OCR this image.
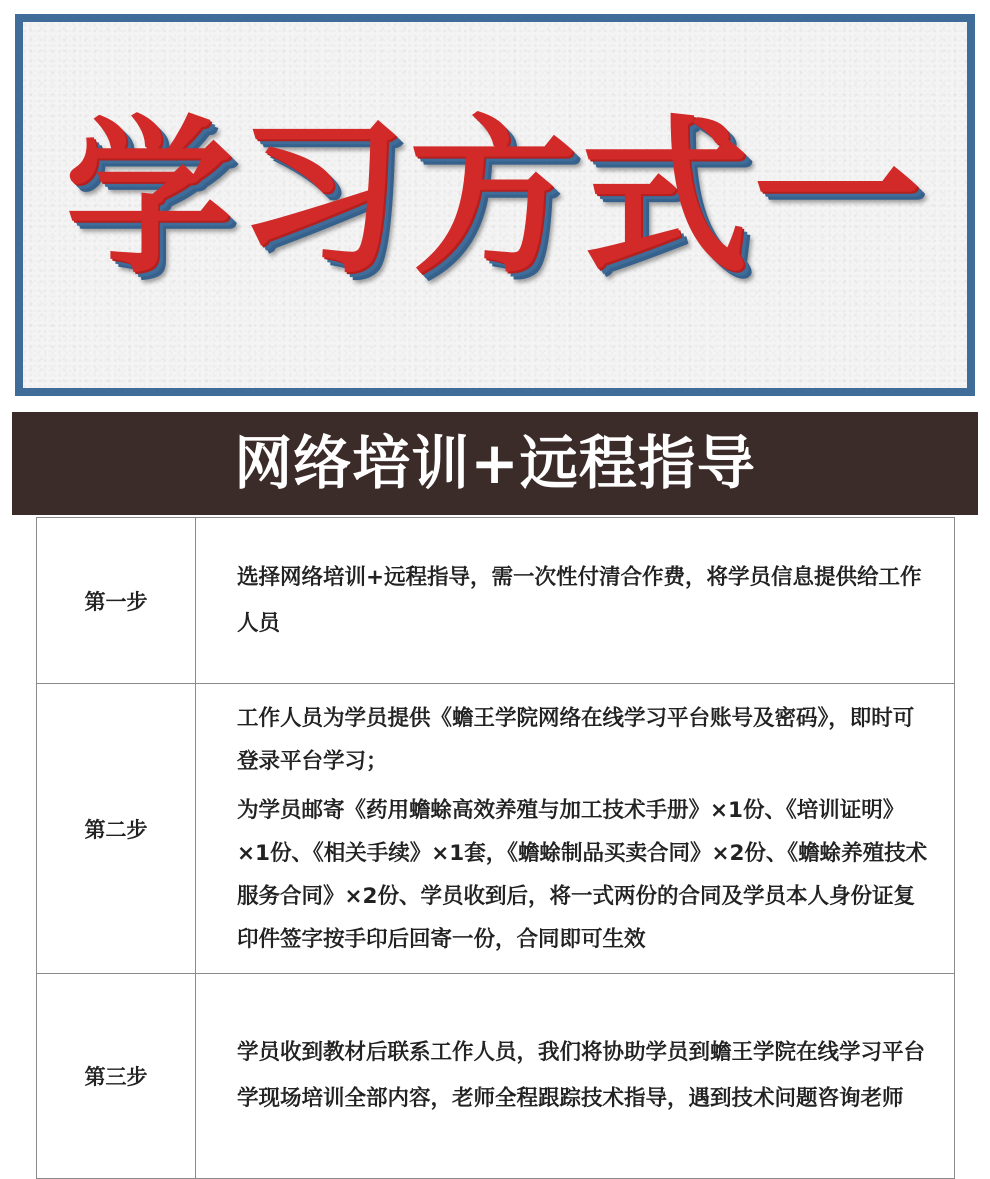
学习方式一
网络培训+远程指导
第一步	选择网络培训+远程指导，需一次性付清合作费，将学员信息提供给工作人员

第二步	工作人员为学员提供《蟾王学院网络在线学习平台账号及密码》，即时可登录平台学习；

为学员邮寄《药用蟾蜍高效养殖与加工技术手册》×1份、《培训证明》×1份、《相关手续》×1套，《蟾蜍制品买卖合同》×2份、《蟾蜍养殖技术服务合同》×2份、学员收到后，将一式两份的合同及学员本人身份证复印件签字按手印后回寄一份，合同即可生效

第三步	学员收到教材后联系工作人员，我们将协助学员到蟾王学院在线学习平台学现场培训全部内容，老师全程跟踪技术指导，遇到技术问题咨询老师
